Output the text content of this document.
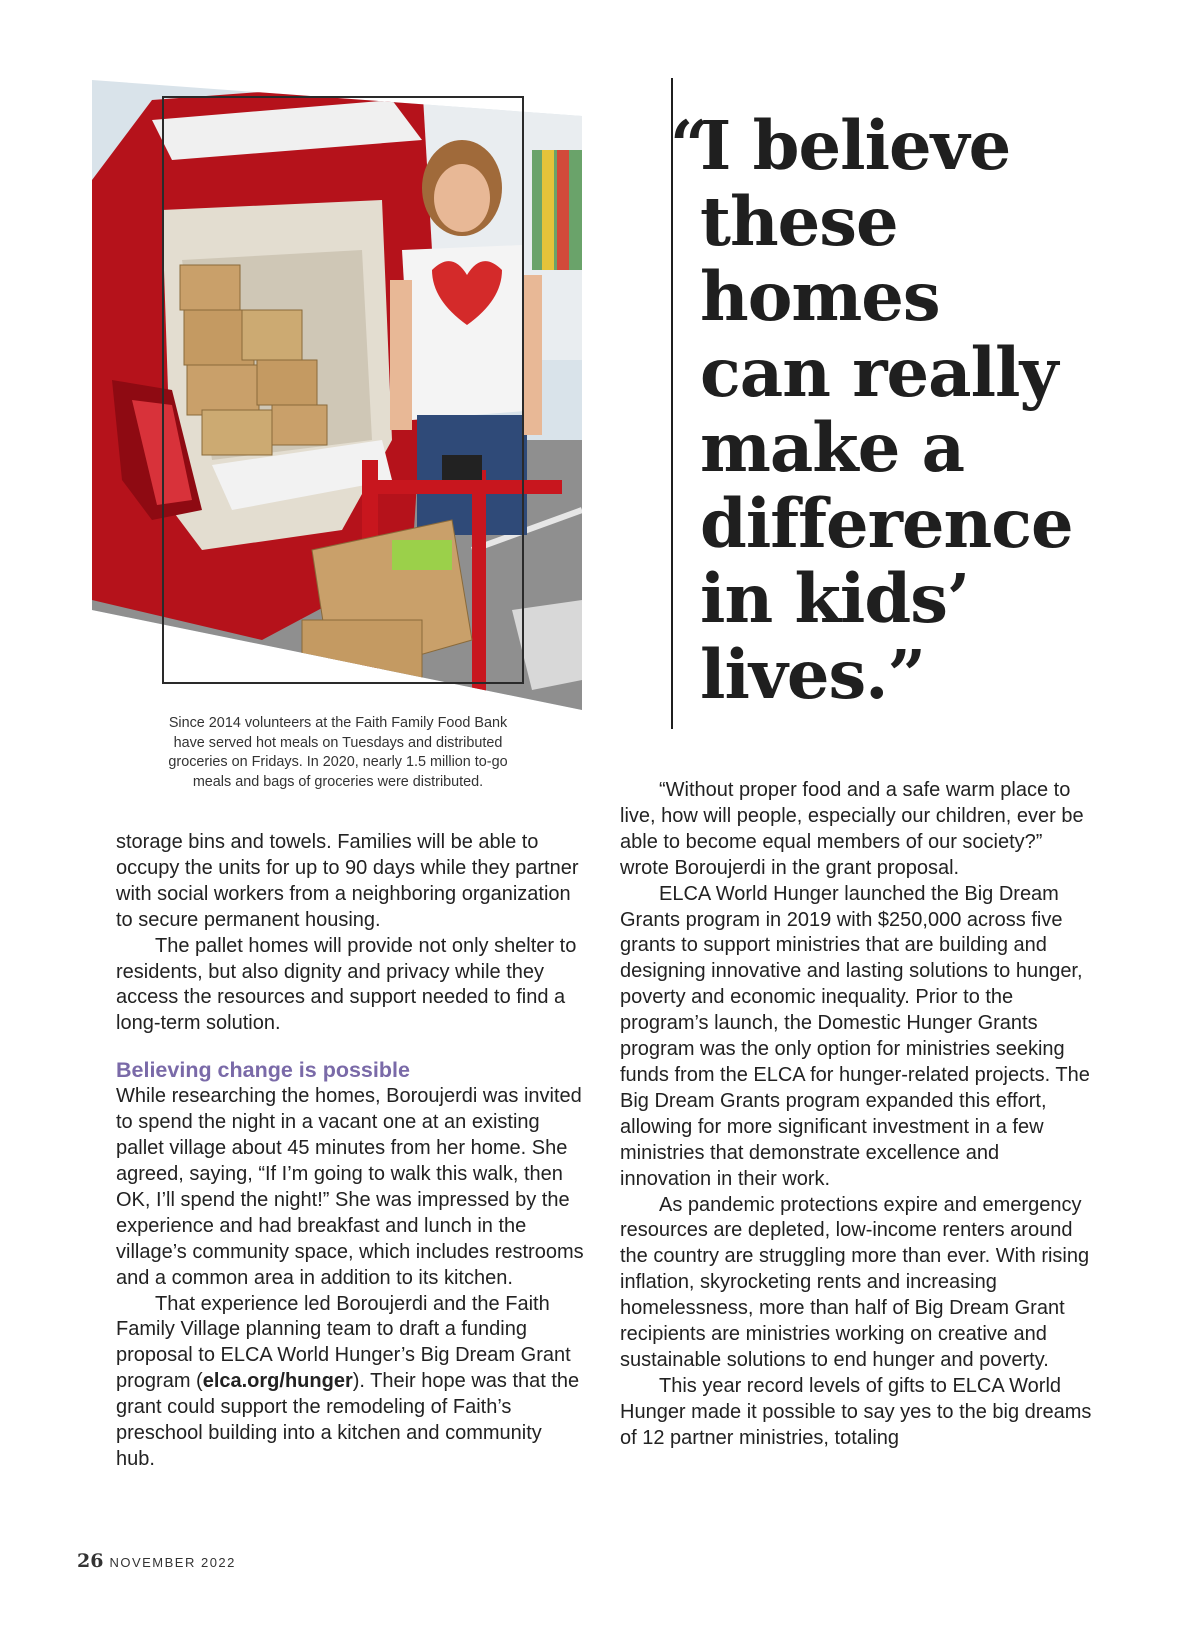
Since 2014 volunteers at the Faith Family Food Bank have served hot meals on Tuesdays and distributed groceries on Fridays. In 2020, nearly 1.5 million to-go meals and bags of groceries were distributed.
“
I believe
these
homes
can really
make a
difference
in kids’
lives.”

storage bins and towels. Families will be able to occupy the units for up to 90 days while they partner with social workers from a neighboring organization to secure permanent housing.

The pallet homes will provide not only shelter to residents, but also dignity and privacy while they access the resources and support needed to find a long-term solution.

Believing change is possible

While researching the homes, Boroujerdi was invited to spend the night in a vacant one at an existing pallet village about 45 minutes from her home. She agreed, saying, “If I’m going to walk this walk, then OK, I’ll spend the night!” She was impressed by the experience and had breakfast and lunch in the village’s community space, which includes restrooms and a common area in addition to its kitchen.

That experience led Boroujerdi and the Faith Family Village planning team to draft a funding proposal to ELCA World Hunger’s Big Dream Grant program (elca.org/hunger). Their hope was that the grant could support the remodeling of Faith’s preschool building into a kitchen and community hub.

“Without proper food and a safe warm place to live, how will people, especially our children, ever be able to become equal members of our society?” wrote Boroujerdi in the grant proposal.

ELCA World Hunger launched the Big Dream Grants program in 2019 with $250,000 across five grants to support ministries that are building and designing innovative and lasting solutions to hunger, poverty and economic inequality. Prior to the program’s launch, the Domestic Hunger Grants program was the only option for ministries seeking funds from the ELCA for hunger-related projects. The Big Dream Grants program expanded this effort, allowing for more significant investment in a few ministries that demonstrate excellence and innovation in their work.

As pandemic protections expire and emergency resources are depleted, low-income renters around the country are struggling more than ever. With rising inflation, skyrocketing rents and increasing homelessness, more than half of Big Dream Grant recipients are ministries working on creative and sustainable solutions to end hunger and poverty.

This year record levels of gifts to ELCA World Hunger made it possible to say yes to the big dreams of 12 partner ministries, totaling

26 NOVEMBER 2022
